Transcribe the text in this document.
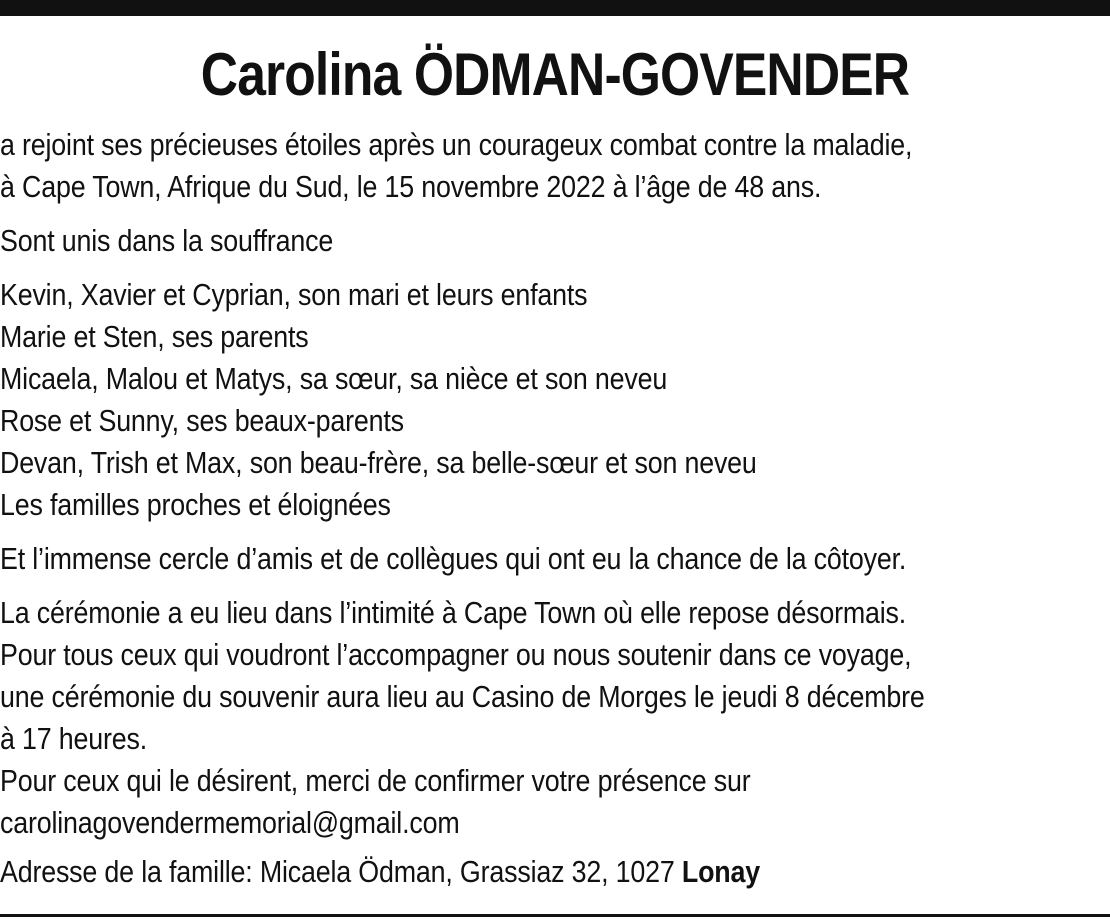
Carolina ÖDMAN-GOVENDER
a rejoint ses précieuses étoiles après un courageux combat contre la maladie,
à Cape Town, Afrique du Sud, le 15 novembre 2022 à l’âge de 48 ans.
Sont unis dans la souffrance
Kevin, Xavier et Cyprian, son mari et leurs enfants
Marie et Sten, ses parents
Micaela, Malou et Matys, sa sœur, sa nièce et son neveu
Rose et Sunny, ses beaux-parents
Devan, Trish et Max, son beau-frère, sa belle-sœur et son neveu
Les familles proches et éloignées
Et l’immense cercle d’amis et de collègues qui ont eu la chance de la côtoyer.
La cérémonie a eu lieu dans l’intimité à Cape Town où elle repose désormais.
Pour tous ceux qui voudront l’accompagner ou nous soutenir dans ce voyage,
une cérémonie du souvenir aura lieu au Casino de Morges le jeudi 8 décembre
à 17 heures.
Pour ceux qui le désirent, merci de confirmer votre présence sur
carolinagovendermemorial@gmail.com
Adresse de la famille: Micaela Ödman, Grassiaz 32, 1027 Lonay
